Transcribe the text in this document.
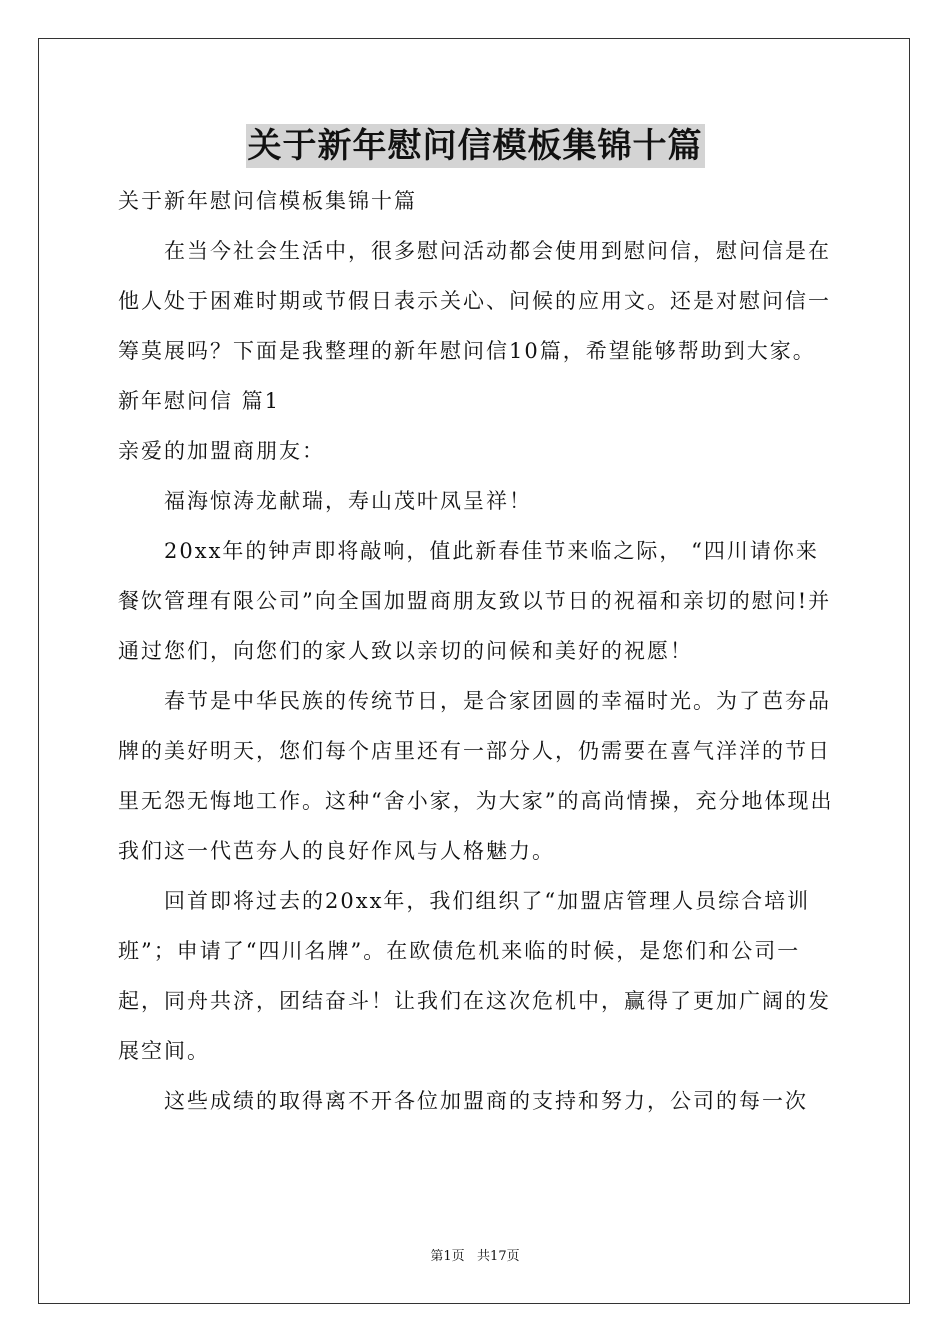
关于新年慰问信模板集锦十篇

关于新年慰问信模板集锦十篇

在当今社会生活中，很多慰问活动都会使用到慰问信，慰问信是在他人处于困难时期或节假日表示关心、问候的应用文。还是对慰问信一筹莫展吗？下面是我整理的新年慰问信10篇，希望能够帮助到大家。

新年慰问信 篇1

亲爱的加盟商朋友：

福海惊涛龙献瑞，寿山茂叶凤呈祥！

20xx年的钟声即将敲响，值此新春佳节来临之际， “四川请你来餐饮管理有限公司”向全国加盟商朋友致以节日的祝福和亲切的慰问!并通过您们，向您们的家人致以亲切的问候和美好的祝愿！

春节是中华民族的传统节日，是合家团圆的幸福时光。为了芭夯品牌的美好明天，您们每个店里还有一部分人，仍需要在喜气洋洋的节日里无怨无悔地工作。这种“舍小家，为大家”的高尚情操，充分地体现出我们这一代芭夯人的良好作风与人格魅力。

回首即将过去的20xx年，我们组织了“加盟店管理人员综合培训班”；申请了“四川名牌”。在欧债危机来临的时候，是您们和公司一起，同舟共济，团结奋斗！让我们在这次危机中，赢得了更加广阔的发展空间。

这些成绩的取得离不开各位加盟商的支持和努力，公司的每一次

第1页   共17页
